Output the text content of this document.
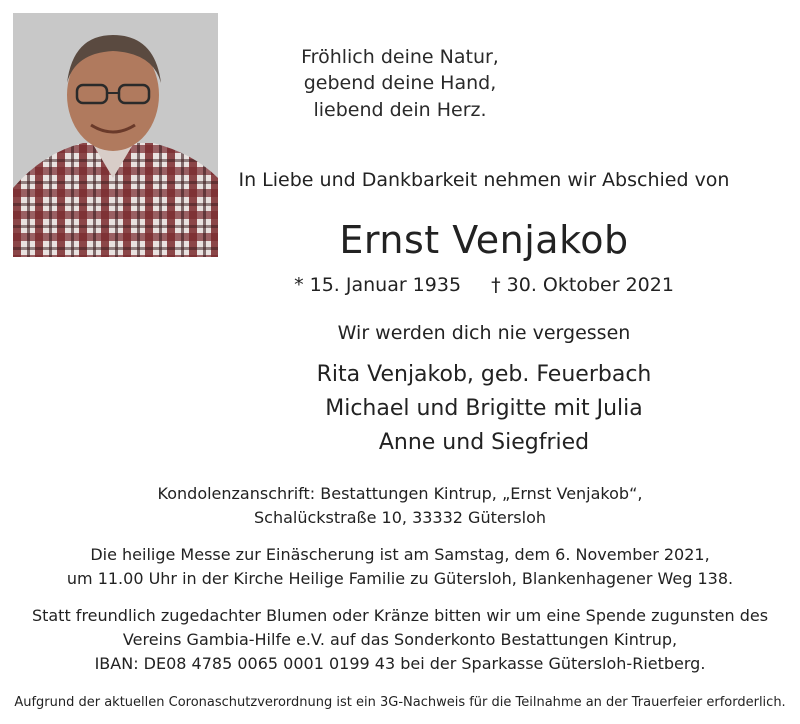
Fröhlich deine Natur,
gebend deine Hand,
liebend dein Herz.
In Liebe und Dankbarkeit nehmen wir Abschied von
Ernst Venjakob
* 15. Januar 1935 † 30. Oktober 2021
Wir werden dich nie vergessen
Rita Venjakob, geb. Feuerbach
Michael und Brigitte mit Julia
Anne und Siegfried
Kondolenzanschrift: Bestattungen Kintrup, „Ernst Venjakob“,
Schalückstraße 10, 33332 Gütersloh
Die heilige Messe zur Einäscherung ist am Samstag, dem 6. November 2021,
um 11.00 Uhr in der Kirche Heilige Familie zu Gütersloh, Blankenhagener Weg 138.
Statt freundlich zugedachter Blumen oder Kränze bitten wir um eine Spende zugunsten des
Vereins Gambia-Hilfe e.V. auf das Sonderkonto Bestattungen Kintrup,
IBAN: DE08 4785 0065 0001 0199 43 bei der Sparkasse Gütersloh-Rietberg.
Aufgrund der aktuellen Coronaschutzverordnung ist ein 3G-Nachweis für die Teilnahme an der Trauerfeier erforderlich.
